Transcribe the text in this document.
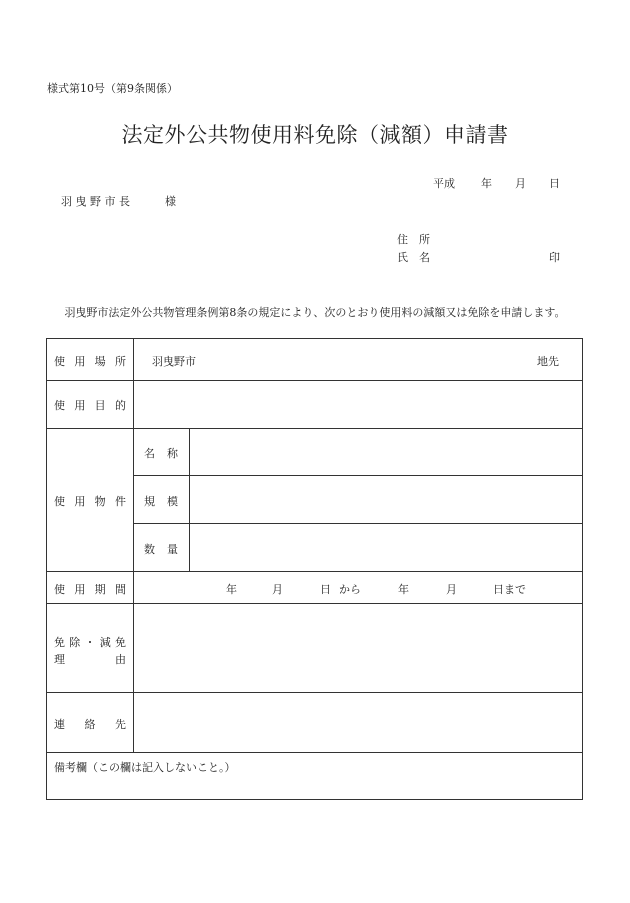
様式第10号（第9条関係）
法定外公共物使用料免除（減額）申請書
平成 年 月 日
羽 曳 野 市 長	様
住　所
氏　名	印
羽曳野市法定外公共物管理条例第8条の規定により、次のとおり使用料の減額又は免除を申請します。
使 用 場 所 羽曳野市	地先
使 用 目 的
使 用 物 件
名 称
規 模
数 量
使 用 期 間	年	月	日 から	年	月	日まで
免 除 ・ 減 免
理	由
連 絡 先
備考欄（この欄は記入しないこと。）
